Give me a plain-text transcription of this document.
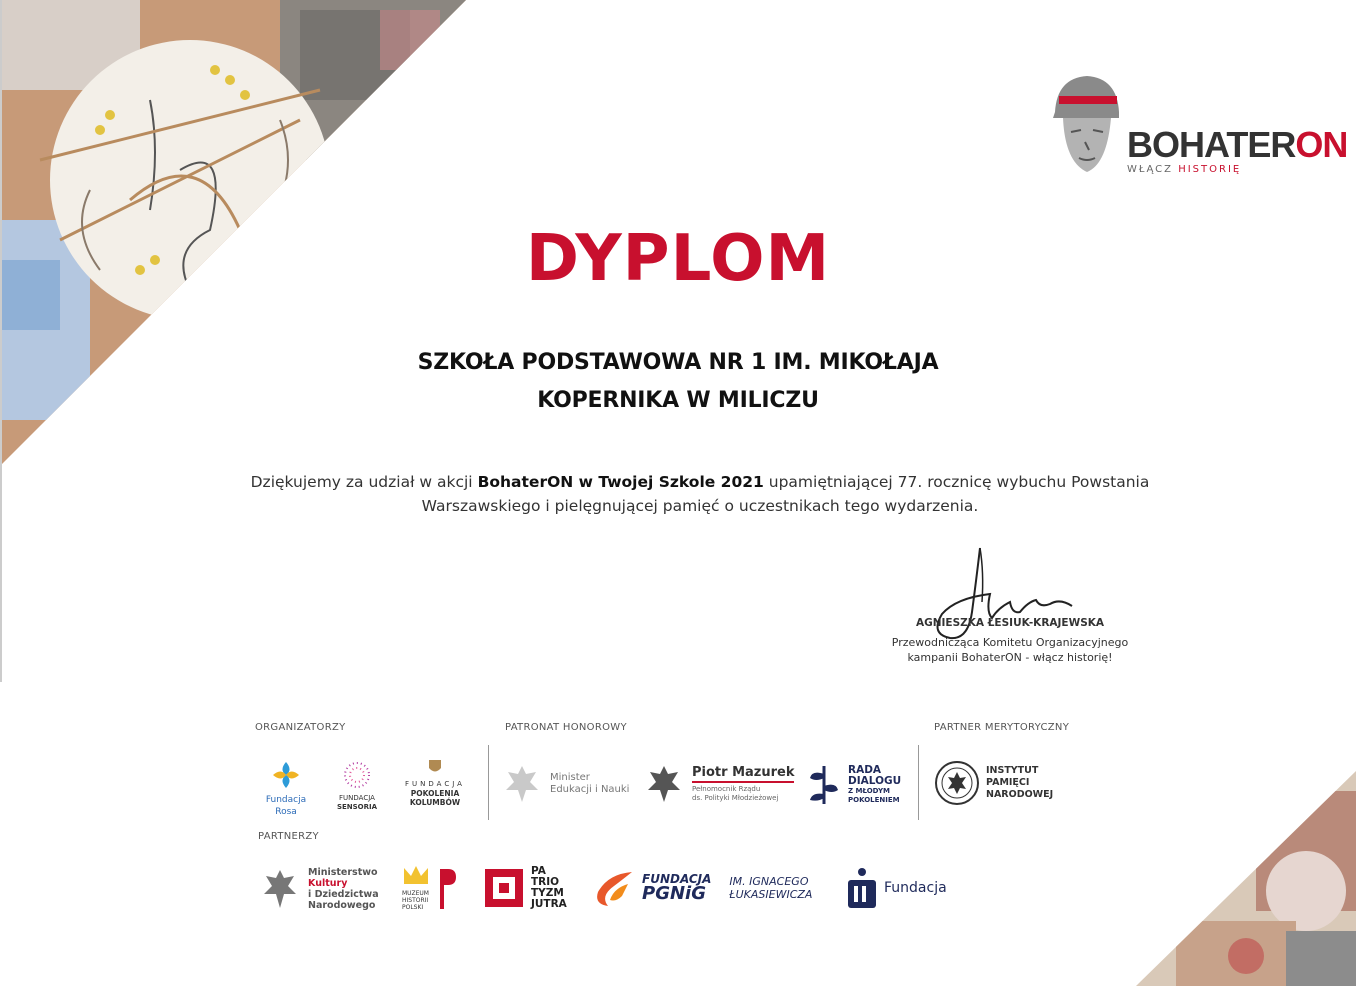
BOHATERON
WŁĄCZ HISTORIĘ
DYPLOM
SZKOŁA PODSTAWOWA NR 1 IM. MIKOŁAJA
KOPERNIKA W MILICZU
Dziękujemy za udział w akcji BohaterON w Twojej Szkole 2021 upamiętniającej 77. rocznicę wybuchu Powstania Warszawskiego i pielęgnującej pamięć o uczestnikach tego wydarzenia.
AGNIESZKA ŁESIUK-KRAJEWSKA
Przewodnicząca Komitetu Organizacyjnego
kampanii BohaterON - włącz historię!
ORGANIZATORZY	PATRONAT HONOROWY	PARTNER MERYTORYCZNY
PARTNERZY
Fundacja Rosa
FUNDACJA
SENSORIA
FUNDACJA
POKOLENIA KOLUMBÓW
Minister
Edukacji i Nauki
Piotr Mazurek
Pełnomocnik Rządu
ds. Polityki Młodzieżowej
RADA
DIALOGU
Z MŁODYM
POKOLENIEM
INSTYTUT
PAMIĘCI
NARODOWEJ
Ministerstwo
Kultury
i Dziedzictwa
Narodowego
MUZEUM
HISTORII
POLSKI
PA
TRIO
TYZM
JUTRA
FUNDACJA
PGNiG
IM. IGNACEGO
ŁUKASIEWICZA	Fundacja
